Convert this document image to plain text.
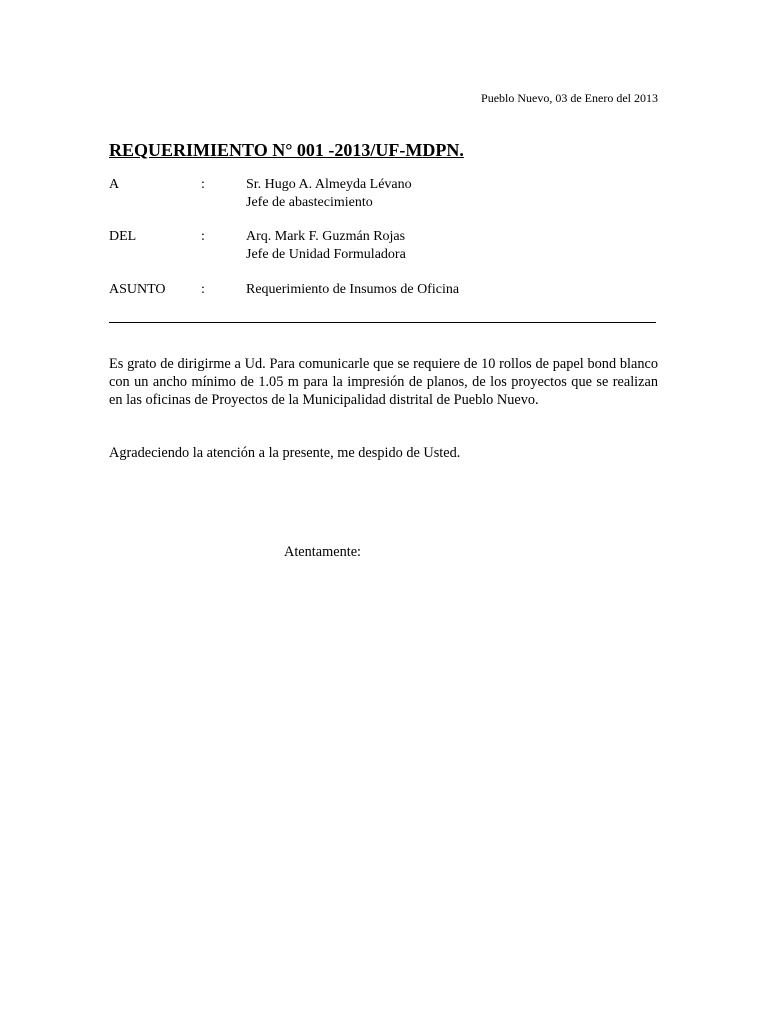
Pueblo Nuevo, 03 de Enero del 2013
REQUERIMIENTO N° 001 -2013/UF-MDPN.
A	:	Sr. Hugo A. Almeyda Lévano
Jefe de abastecimiento
DEL	:	Arq. Mark F. Guzmán Rojas
Jefe de Unidad Formuladora
ASUNTO	:	Requerimiento de Insumos de Oficina

Es grato de dirigirme a Ud. Para comunicarle que se requiere de 10 rollos de papel bond blanco con un ancho mínimo de 1.05 m para la impresión de planos, de los proyectos que se realizan en las oficinas de Proyectos de la Municipalidad distrital de Pueblo Nuevo.

Agradeciendo la atención a la presente, me despido de Usted.
Atentamente:
